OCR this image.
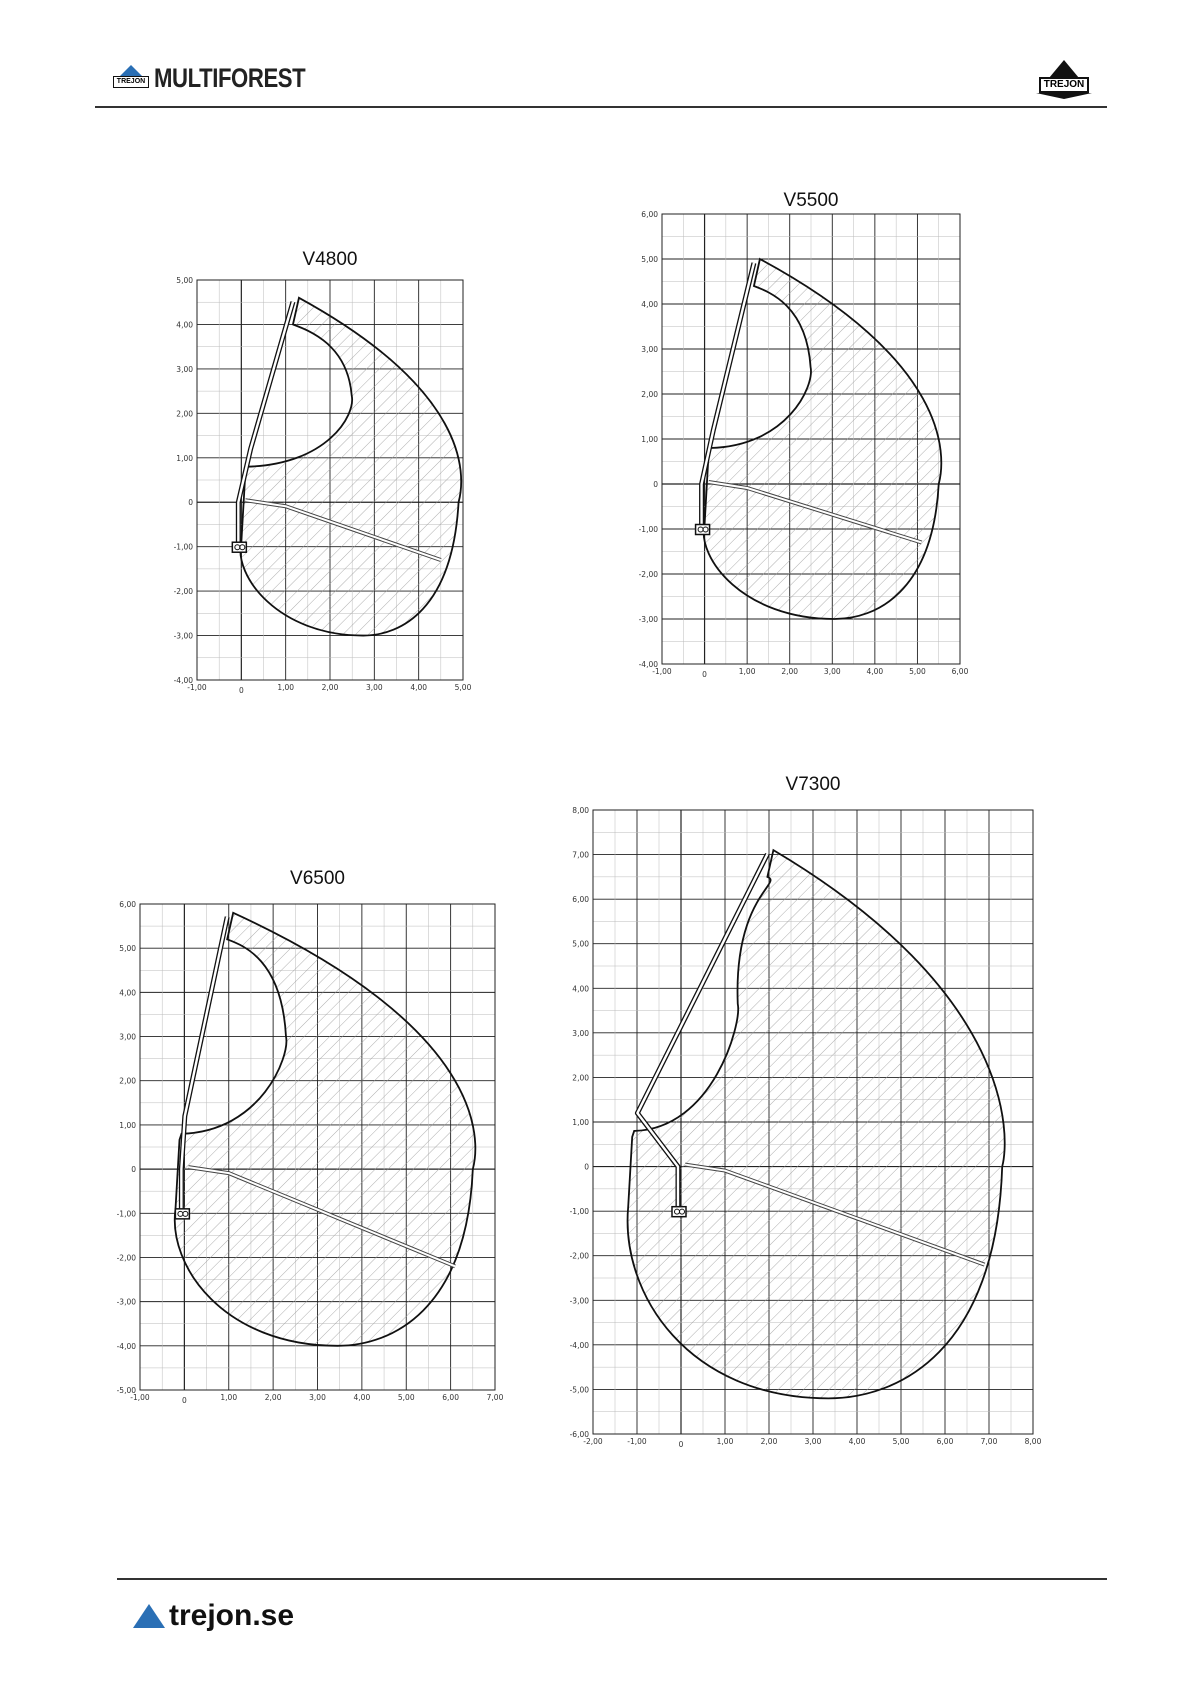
TREJON MULTIFOREST	TREJON
V4800
-1,00	0	1,00	2,00	3,00	4,00	5,00
5,00
4,00
3,00
2,00
1,00
0
-1,00
-2,00
-3,00
-4,00
V5500
-1,00	0	1,00	2,00	3,00	4,00	5,00	6,00
6,00
5,00
4,00
3,00
2,00
1,00
0
-1,00
-2,00
-3,00
-4,00
V6500
-1,00	0	1,00	2,00	3,00	4,00	5,00	6,00	7,00
6,00
5,00
4,00
3,00
2,00
1,00
0
-1,00
-2,00
-3,00
-4,00
-5,00
V7300
-2,00	-1,00	0	1,00	2,00	3,00	4,00	5,00	6,00	7,00	8,00
8,00
7,00
6,00
5,00
4,00
3,00
2,00
1,00
0
-1,00
-2,00
-3,00
-4,00
-5,00
-6,00
trejon.se
